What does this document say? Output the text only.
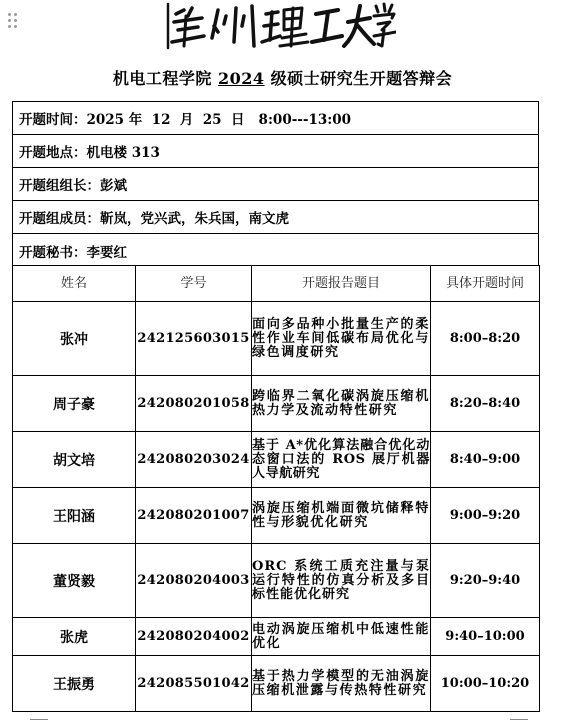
兰州理工大学
机电工程学院 2024 级硕士研究生开题答辩会
开题时间： 2025 年  12  月  25  日   8:00---13:00
开题地点： 机电楼 313
开题组组长： 彭斌
开题组成员： 靳岚，党兴武，朱兵国，南文虎
开题秘书： 李要红
姓名	学号	开题报告题目	具体开题时间
张冲	242125603015	面向多品种小批量生产的柔性作业车间低碳布局优化与绿色调度研究	8:00–8:20
周子豪	242080201058	跨临界二氧化碳涡旋压缩机热力学及流动特性研究	8:20–8:40
胡文培	242080203024	基于 A*优化算法融合优化动态窗口法的 ROS 展厅机器人导航研究	8:40–9:00
王阳涵	242080201007	涡旋压缩机端面微坑储释特性与形貌优化研究	9:00–9:20
董贤毅	242080204003	ORC 系统工质充注量与泵运行特性的仿真分析及多目标性能优化研究	9:20–9:40
张虎	242080204002	电动涡旋压缩机中低速性能优化	9:40–10:00
王振勇	242085501042	基于热力学模型的无油涡旋压缩机泄露与传热特性研究	10:00–10:20
